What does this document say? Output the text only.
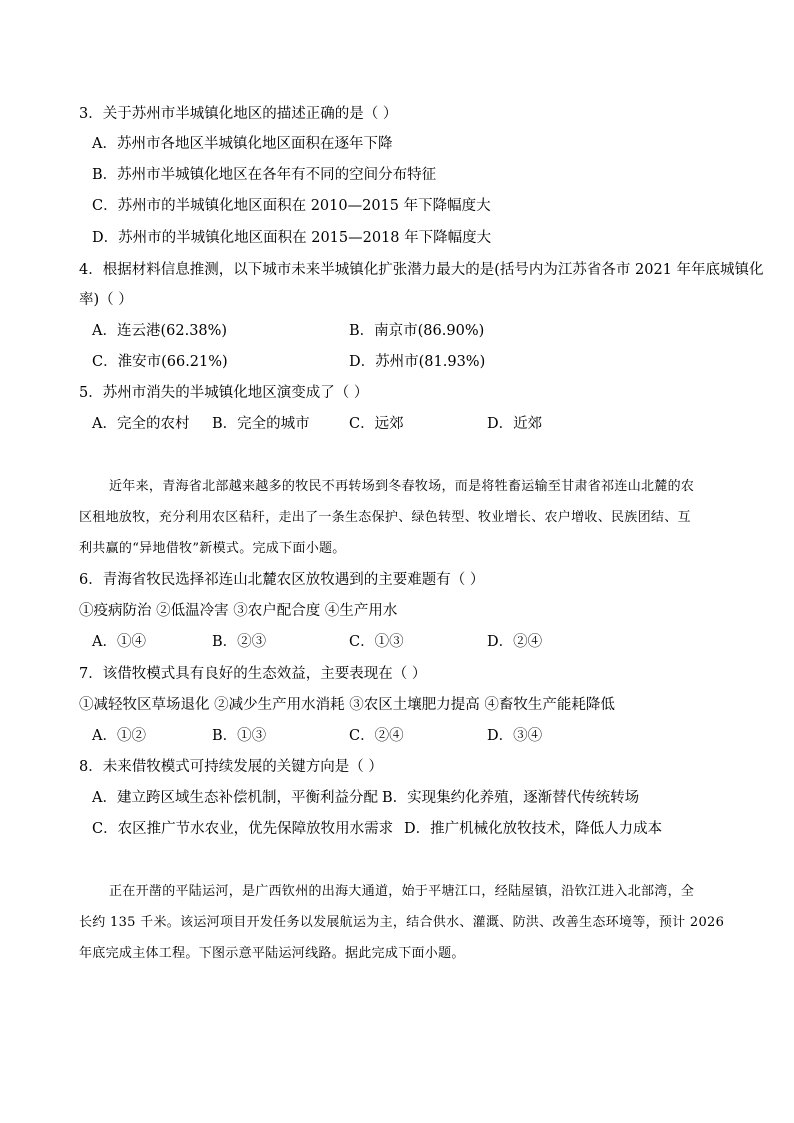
3．关于苏州市半城镇化地区的描述正确的是（ ）
A．苏州市各地区半城镇化地区面积在逐年下降
B．苏州市半城镇化地区在各年有不同的空间分布特征
C．苏州市的半城镇化地区面积在 2010—2015 年下降幅度大
D．苏州市的半城镇化地区面积在 2015—2018 年下降幅度大
4．根据材料信息推测，以下城市未来半城镇化扩张潜力最大的是(括号内为江苏省各市 2021 年年底城镇化
率)（ ）
A．连云港(62.38%)	B．南京市(86.90%)
C．淮安市(66.21%)	D．苏州市(81.93%)
5．苏州市消失的半城镇化地区演变成了（ ）
A．完全的农村 B．完全的城市	C．远郊	D．近郊
近年来，青海省北部越来越多的牧民不再转场到冬春牧场，而是将牲畜运输至甘肃省祁连山北麓的农
区租地放牧，充分利用农区秸秆，走出了一条生态保护、绿色转型、牧业增长、农户增收、民族团结、互
利共赢的“异地借牧”新模式。完成下面小题。
6．青海省牧民选择祁连山北麓农区放牧遇到的主要难题有（ ）
①疫病防治 ②低温冷害 ③农户配合度 ④生产用水
A．①④	B．②③	C．①③	D．②④
7．该借牧模式具有良好的生态效益，主要表现在（ ）
①减轻牧区草场退化 ②减少生产用水消耗 ③农区土壤肥力提高 ④畜牧生产能耗降低
A．①②	B．①③	C．②④	D．③④
8．未来借牧模式可持续发展的关键方向是（ ）
A．建立跨区域生态补偿机制，平衡利益分配 B．实现集约化养殖，逐渐替代传统转场
C．农区推广节水农业，优先保障放牧用水需求 D．推广机械化放牧技术，降低人力成本
正在开凿的平陆运河，是广西钦州的出海大通道，始于平塘江口，经陆屋镇，沿钦江进入北部湾，全
长约 135 千米。该运河项目开发任务以发展航运为主，结合供水、灌溉、防洪、改善生态环境等，预计 2026
年底完成主体工程。下图示意平陆运河线路。据此完成下面小题。
